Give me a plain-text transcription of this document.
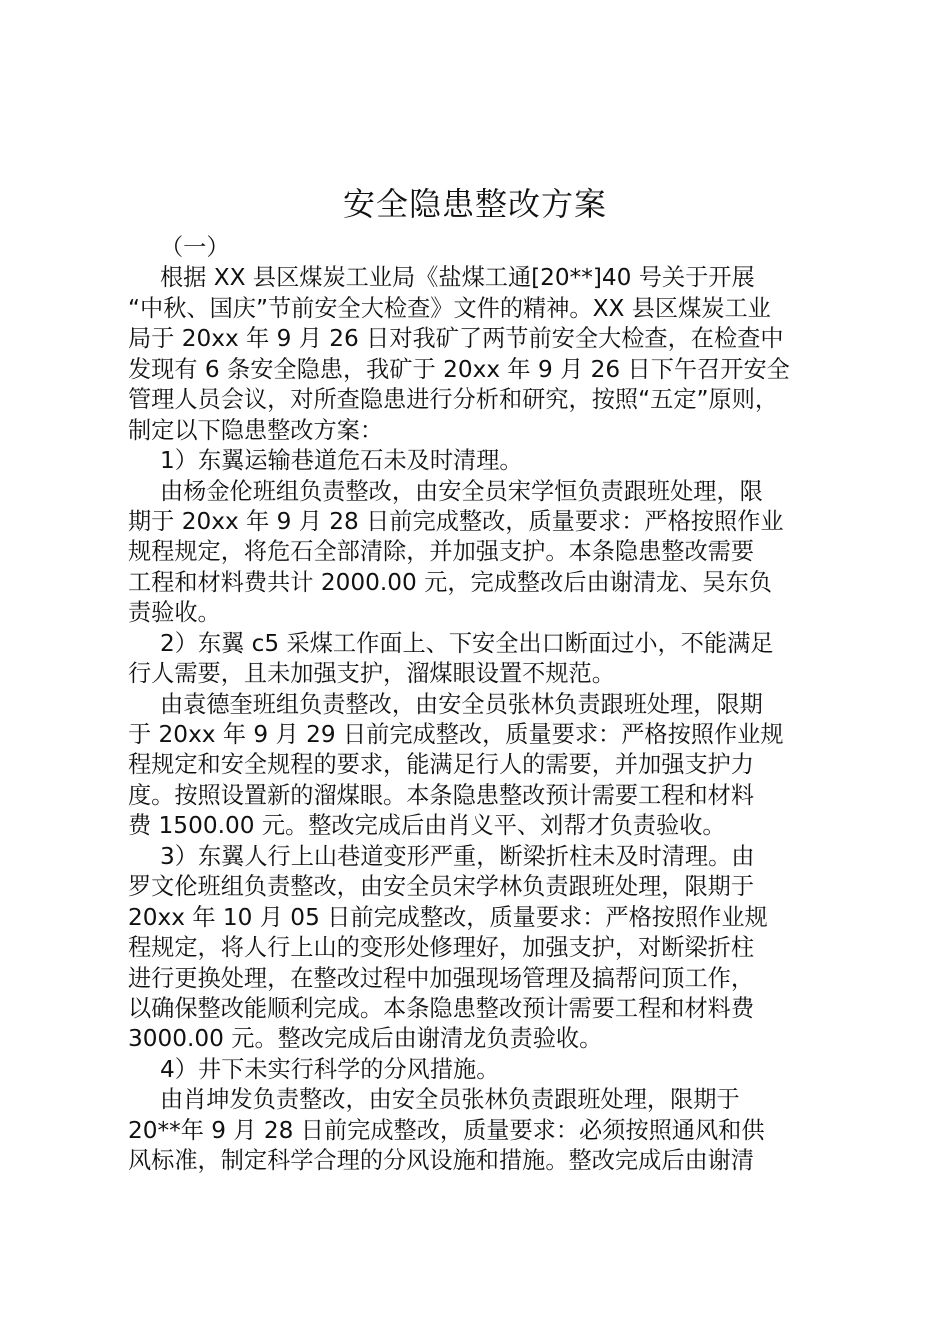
安全隐患整改方案
（一）
根据 XX 县区煤炭工业局《盐煤工通[20**]40 号关于开展
“中秋、国庆”节前安全大检查》文件的精神。XX 县区煤炭工业
局于 20xx 年 9 月 26 日对我矿了两节前安全大检查，在检查中
发现有 6 条安全隐患，我矿于 20xx 年 9 月 26 日下午召开安全
管理人员会议，对所查隐患进行分析和研究，按照“五定”原则，
制定以下隐患整改方案：
1）东翼运输巷道危石未及时清理。
由杨金伦班组负责整改，由安全员宋学恒负责跟班处理，限
期于 20xx 年 9 月 28 日前完成整改，质量要求：严格按照作业
规程规定，将危石全部清除，并加强支护。本条隐患整改需要
工程和材料费共计 2000.00 元，完成整改后由谢清龙、吴东负
责验收。
2）东翼 c5 采煤工作面上、下安全出口断面过小，不能满足
行人需要，且未加强支护，溜煤眼设置不规范。
由袁德奎班组负责整改，由安全员张林负责跟班处理，限期
于 20xx 年 9 月 29 日前完成整改，质量要求：严格按照作业规
程规定和安全规程的要求，能满足行人的需要，并加强支护力
度。按照设置新的溜煤眼。本条隐患整改预计需要工程和材料
费 1500.00 元。整改完成后由肖义平、刘帮才负责验收。
3）东翼人行上山巷道变形严重，断梁折柱未及时清理。由
罗文伦班组负责整改，由安全员宋学林负责跟班处理，限期于
20xx 年 10 月 05 日前完成整改，质量要求：严格按照作业规
程规定，将人行上山的变形处修理好，加强支护，对断梁折柱
进行更换处理，在整改过程中加强现场管理及搞帮问顶工作，
以确保整改能顺利完成。本条隐患整改预计需要工程和材料费
3000.00 元。整改完成后由谢清龙负责验收。
4）井下未实行科学的分风措施。
由肖坤发负责整改，由安全员张林负责跟班处理，限期于
20**年 9 月 28 日前完成整改，质量要求：必须按照通风和供
风标准，制定科学合理的分风设施和措施。整改完成后由谢清
